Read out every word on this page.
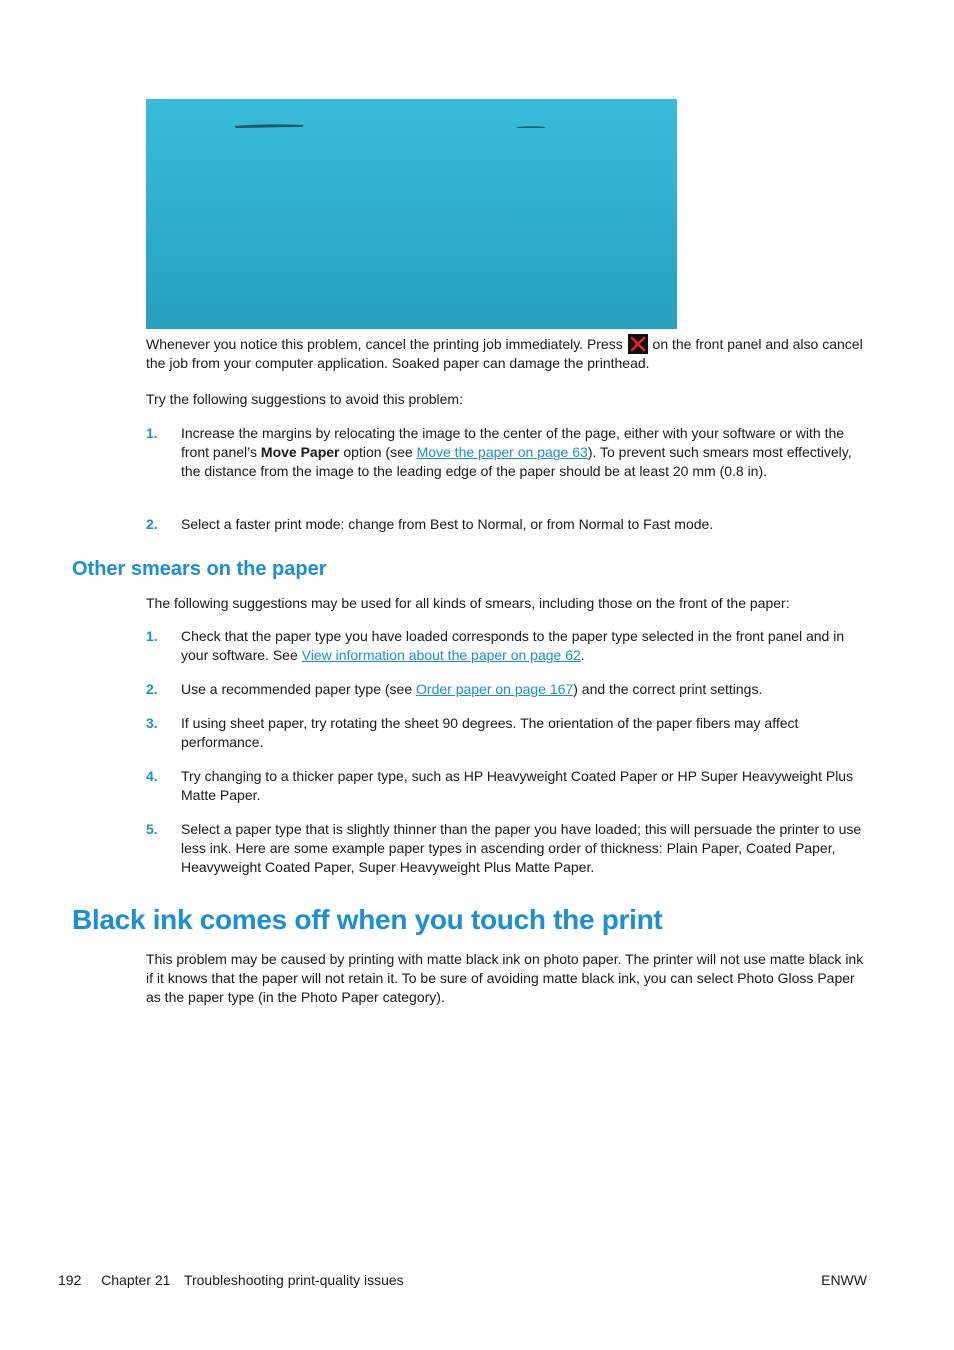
Whenever you notice this problem, cancel the printing job immediately. Press  on the front panel and also cancel the job from your computer application. Soaked paper can damage the printhead.

Try the following suggestions to avoid this problem:

1. Increase the margins by relocating the image to the center of the page, either with your software or with the front panel’s Move Paper option (see Move the paper on page 63). To prevent such smears most effectively, the distance from the image to the leading edge of the paper should be at least 20 mm (0.8 in).
2. Select a faster print mode: change from Best to Normal, or from Normal to Fast mode.
Other smears on the paper

The following suggestions may be used for all kinds of smears, including those on the front of the paper:

1. Check that the paper type you have loaded corresponds to the paper type selected in the front panel and in your software. See View information about the paper on page 62.
2. Use a recommended paper type (see Order paper on page 167) and the correct print settings.
3. If using sheet paper, try rotating the sheet 90 degrees. The orientation of the paper fibers may affect performance.
4. Try changing to a thicker paper type, such as HP Heavyweight Coated Paper or HP Super Heavyweight Plus Matte Paper.
5. Select a paper type that is slightly thinner than the paper you have loaded; this will persuade the printer to use less ink. Here are some example paper types in ascending order of thickness: Plain Paper, Coated Paper, Heavyweight Coated Paper, Super Heavyweight Plus Matte Paper.
Black ink comes off when you touch the print

This problem may be caused by printing with matte black ink on photo paper. The printer will not use matte black ink if it knows that the paper will not retain it. To be sure of avoiding matte black ink, you can select Photo Gloss Paper as the paper type (in the Photo Paper category).

192 Chapter 21 Troubleshooting print-quality issues	ENWW
